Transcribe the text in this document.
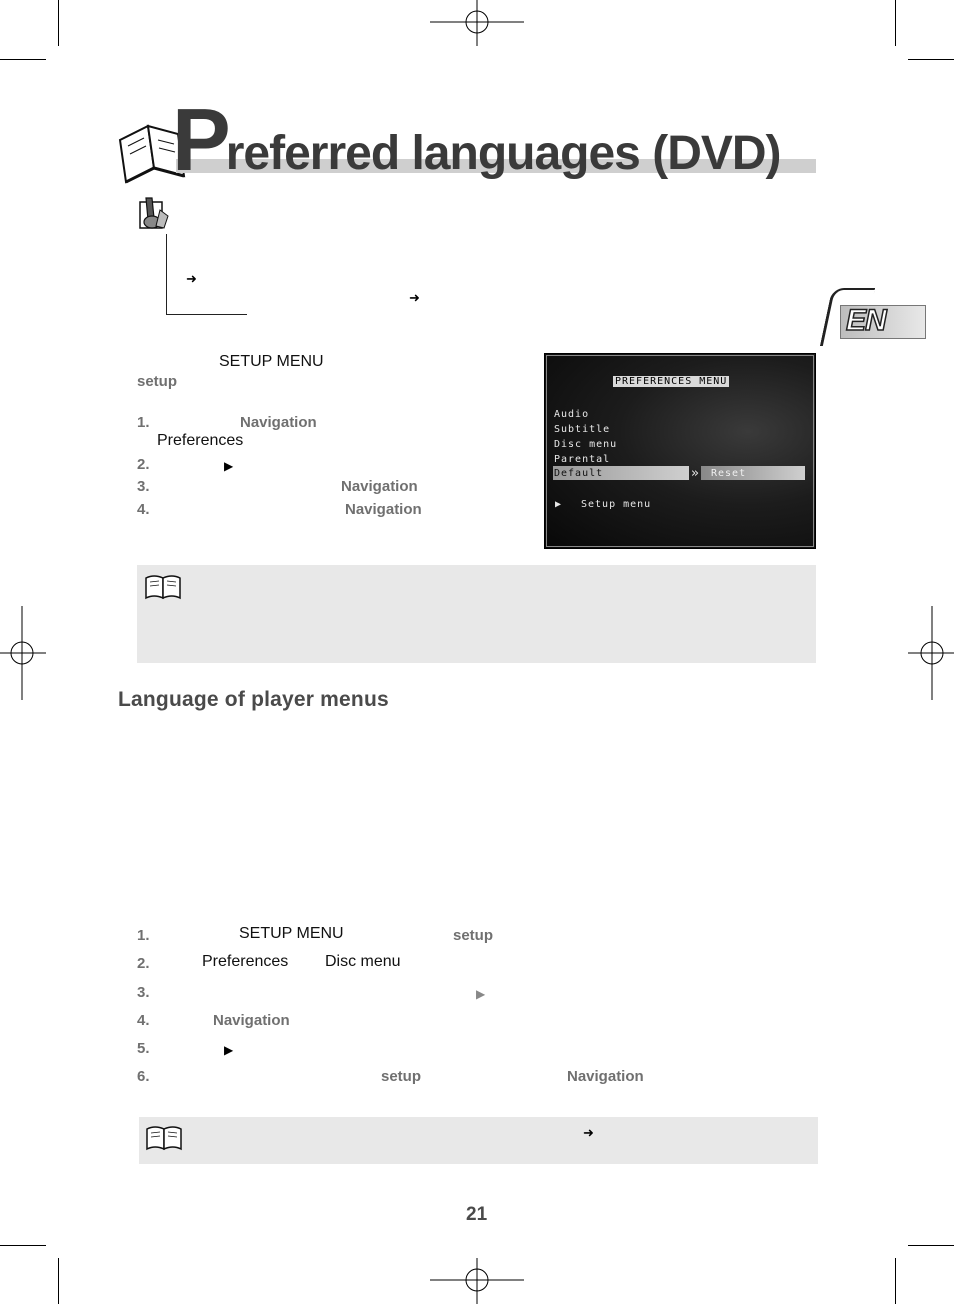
Preferred languages (DVD)
EN
➜
➜
SETUP MENU
setup
1.	Navigation
Preferences
2.	▶
3.	Navigation
4.	Navigation
PREFERENCES MENU
Audio
Subtitle
Disc menu
Parental
Default	» Reset
▶ Setup menu
Language of player menus
1.	SETUP MENU	setup
2.	Preferences Disc menu
3.	▶
4.	Navigation
5.	▶
6.	setup	Navigation
➜
21
